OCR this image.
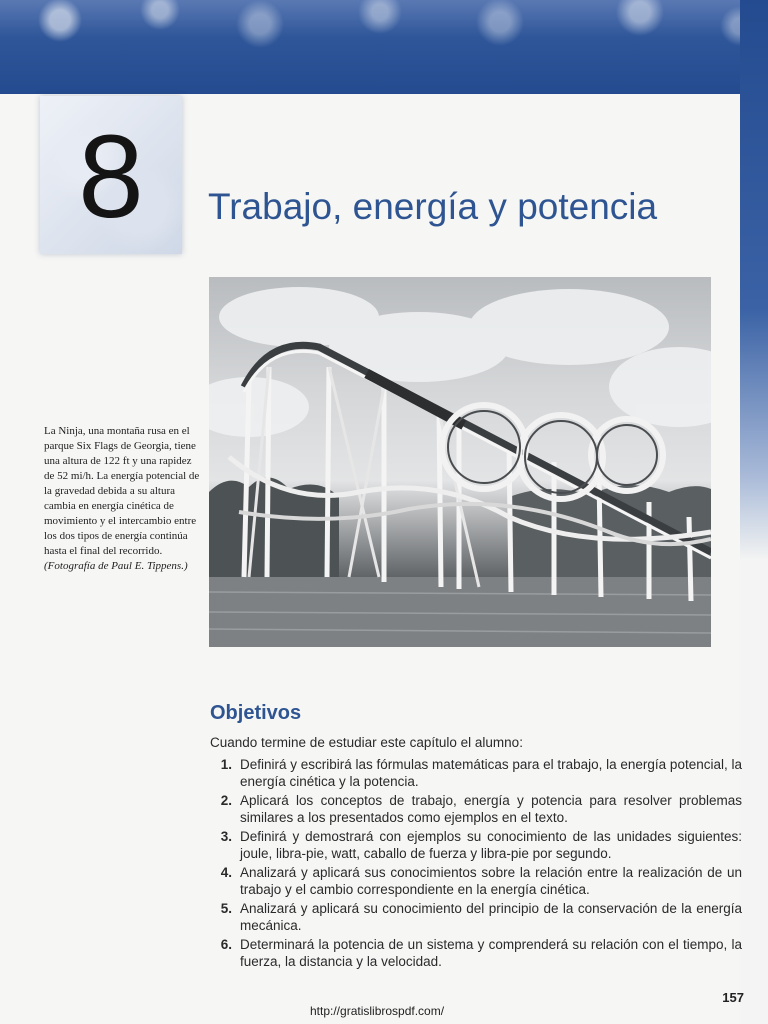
8	Trabajo, energía y potencia
La Ninja, una montaña rusa en el parque Six Flags de Georgia, tiene una altura de 122 ft y una rapidez de 52 mi/h. La energía potencial de la gravedad debida a su altura cambia en energía cinética de movimiento y el intercambio entre los dos tipos de energía continúa hasta el final del recorrido. (Fotografía de Paul E. Tippens.)
Objetivos
Cuando termine de estudiar este capítulo el alumno:
1. Definirá y escribirá las fórmulas matemáticas para el trabajo, la energía potencial, la energía cinética y la potencia.
2. Aplicará los conceptos de trabajo, energía y potencia para resolver problemas similares a los presentados como ejemplos en el texto.
3. Definirá y demostrará con ejemplos su conocimiento de las unidades siguientes: joule, libra-pie, watt, caballo de fuerza y libra-pie por segundo.
4. Analizará y aplicará sus conocimientos sobre la relación entre la realización de un trabajo y el cambio correspondiente en la energía cinética.
5. Analizará y aplicará su conocimiento del principio de la conservación de la energía mecánica.
6. Determinará la potencia de un sistema y comprenderá su relación con el tiempo, la fuerza, la distancia y la velocidad.
157
http://gratislibrospdf.com/
